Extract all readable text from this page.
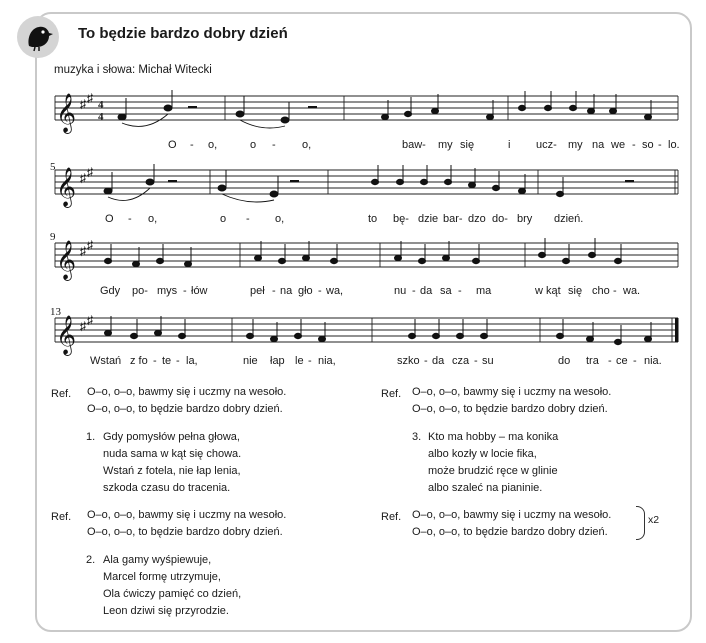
To będzie bardzo dobry dzień
muzyka i słowa: Michał Witecki
𝄞 ♯ ♯ 4
4
O - o,	o - o,	baw- my się	i ucz- my na we - so - lo.
5 𝄞 ♯ ♯
O - o,	o - o,	to bę- dzie bar- dzo do- bry dzień.
9
𝄞 ♯ ♯
Gdy po- mys - łów	peł - na gło - wa,	nu - da sa - ma	w kąt się cho - wa.
13
𝄞 ♯ ♯
Wstań z fo - te - la,	nie łap le - nia,	szko - da cza - su	do tra - ce - nia.
Ref. O–o, o–o, bawmy się i uczmy na wesoło.
O–o, o–o, to będzie bardzo dobry dzień.
1. Gdy pomysłów pełna głowa,
nuda sama w kąt się chowa.
Wstań z fotela, nie łap lenia,
szkoda czasu do tracenia.
Ref. O–o, o–o, bawmy się i uczmy na wesoło.
O–o, o–o, to będzie bardzo dobry dzień.
2. Ala gamy wyśpiewuje,
Marcel formę utrzymuje,
Ola ćwiczy pamięć co dzień,
Leon dziwi się przyrodzie.
Ref. O–o, o–o, bawmy się i uczmy na wesoło.
O–o, o–o, to będzie bardzo dobry dzień.
3. Kto ma hobby – ma konika
albo kozły w locie fika,
może brudzić ręce w glinie
albo szaleć na pianinie.
Ref. O–o, o–o, bawmy się i uczmy na wesoło.
O–o, o–o, to będzie bardzo dobry dzień.
x2
